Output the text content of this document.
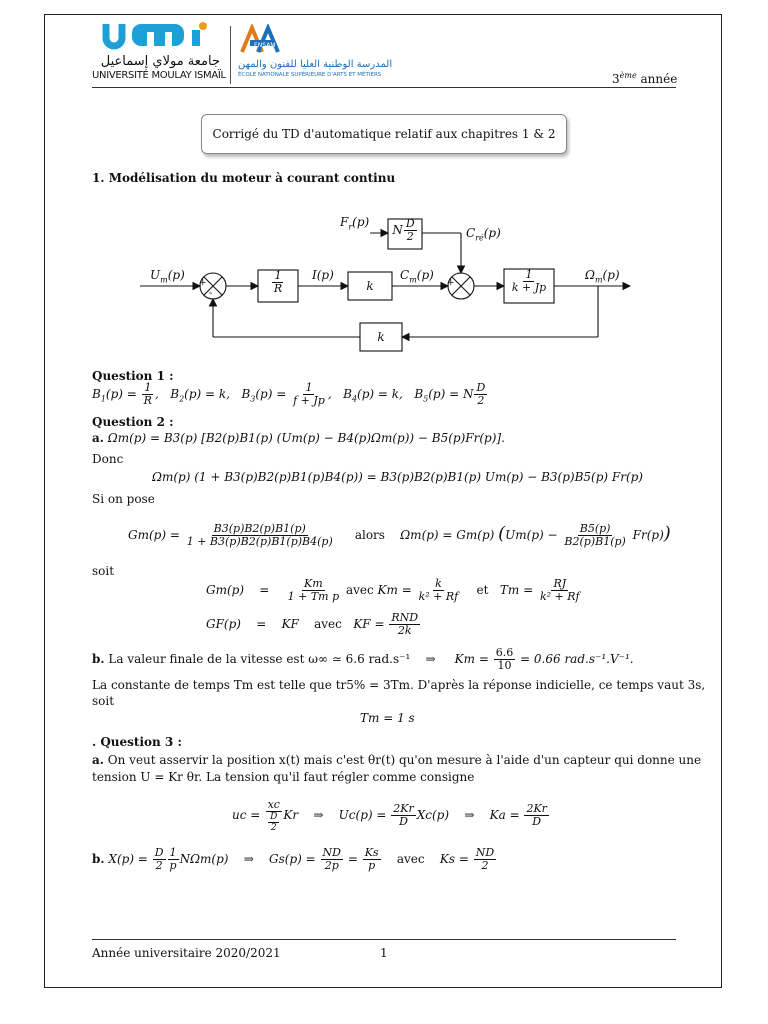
جامعة مولاي إسماعيل
UNIVERSITÉ MOULAY ISMAÏL
ENSAM
المدرسة الوطنية العليا للفنون والمهن
ÉCOLE NATIONALE SUPÉRIEURE D'ARTS ET MÉTIERS	3ème année
Corrigé du TD d'automatique relatif aux chapitres 1 & 2
1. Modélisation du moteur à courant continu
$U_m(p)$
$F_r(p)$
$C_{ré}(p)$
I(p)	$C_m(p)$	$\Omega_m(p)$
$\frac{1}{R}$	k	$\frac{1}{k + Jp}$
N $\frac{D}{2}$
k
+
-
-
+
Question 1 :
$B_1(p) = \frac{1}{R}$ ,   $B_2(p) = k$, $B_3(p) = \frac{1}{f + Jp}$ ,   $B_4(p) = k$, $B_5(p) = N \frac{D}{2}$
Question 2 :
a. Ωm(p) = B3(p) [B2(p)B1(p) (Um(p) − B4(p)Ωm(p)) − B5(p)Fr(p)].
Donc
Ωm(p) (1 + B3(p)B2(p)B1(p)B4(p)) = B3(p)B2(p)B1(p) Um(p) − B3(p)B5(p) Fr(p)
Si on pose
$Gm(p) = \frac{B3(p)B2(p)B1(p)}{1 + B3(p)B2(p)B1(p)B4(p)}$ alors Ωm(p) = Gm(p) $(Um(p) - \frac{B5(p)}{B2(p)B1(p)} Fr(p))$
soit
$Gm(p) = \frac{Km}{\text{1 + Tm p}}$ avec $Km = \frac{k}{\text{k² + Rf}}$ et $Tm = \frac{RJ}{\text{k² + Rf}}$
GF(p) = KF avec KF = $\frac{\text{RND}}{2k}$
b. La valeur finale de la vitesse est ω∞ ≃ 6.6 rad.s⁻¹ ⇒ $Km = \frac{6.6}{10} = 0.66$ rad.s⁻¹.V⁻¹.
La constante de temps Tm est telle que tr5% = 3Tm. D'après la réponse indicielle, ce temps vaut 3s,
soit
Tm = 1 s
. Question 3 :
a. On veut asservir la position x(t) mais c'est θr(t) qu'on mesure à l'aide d'un capteur qui donne une
tension U = Kr θr. La tension qu'il faut régler comme consigne
uc = $\frac{xc}{\frac{D}{2}}$ Kr ⇒ $Uc(p) = \frac{2Kr}{D} Xc(p)$ ⇒ $Ka = \frac{2Kr}{D}$
b. $X(p) = \frac{D}{2} \frac{1}{p} N\Omega m(p)$ ⇒ $Gs(p) = \frac{ND}{2p} = \frac{Ks}{p}$ avec $Ks = \frac{ND}{2}$
Année universitaire 2020/2021	1
